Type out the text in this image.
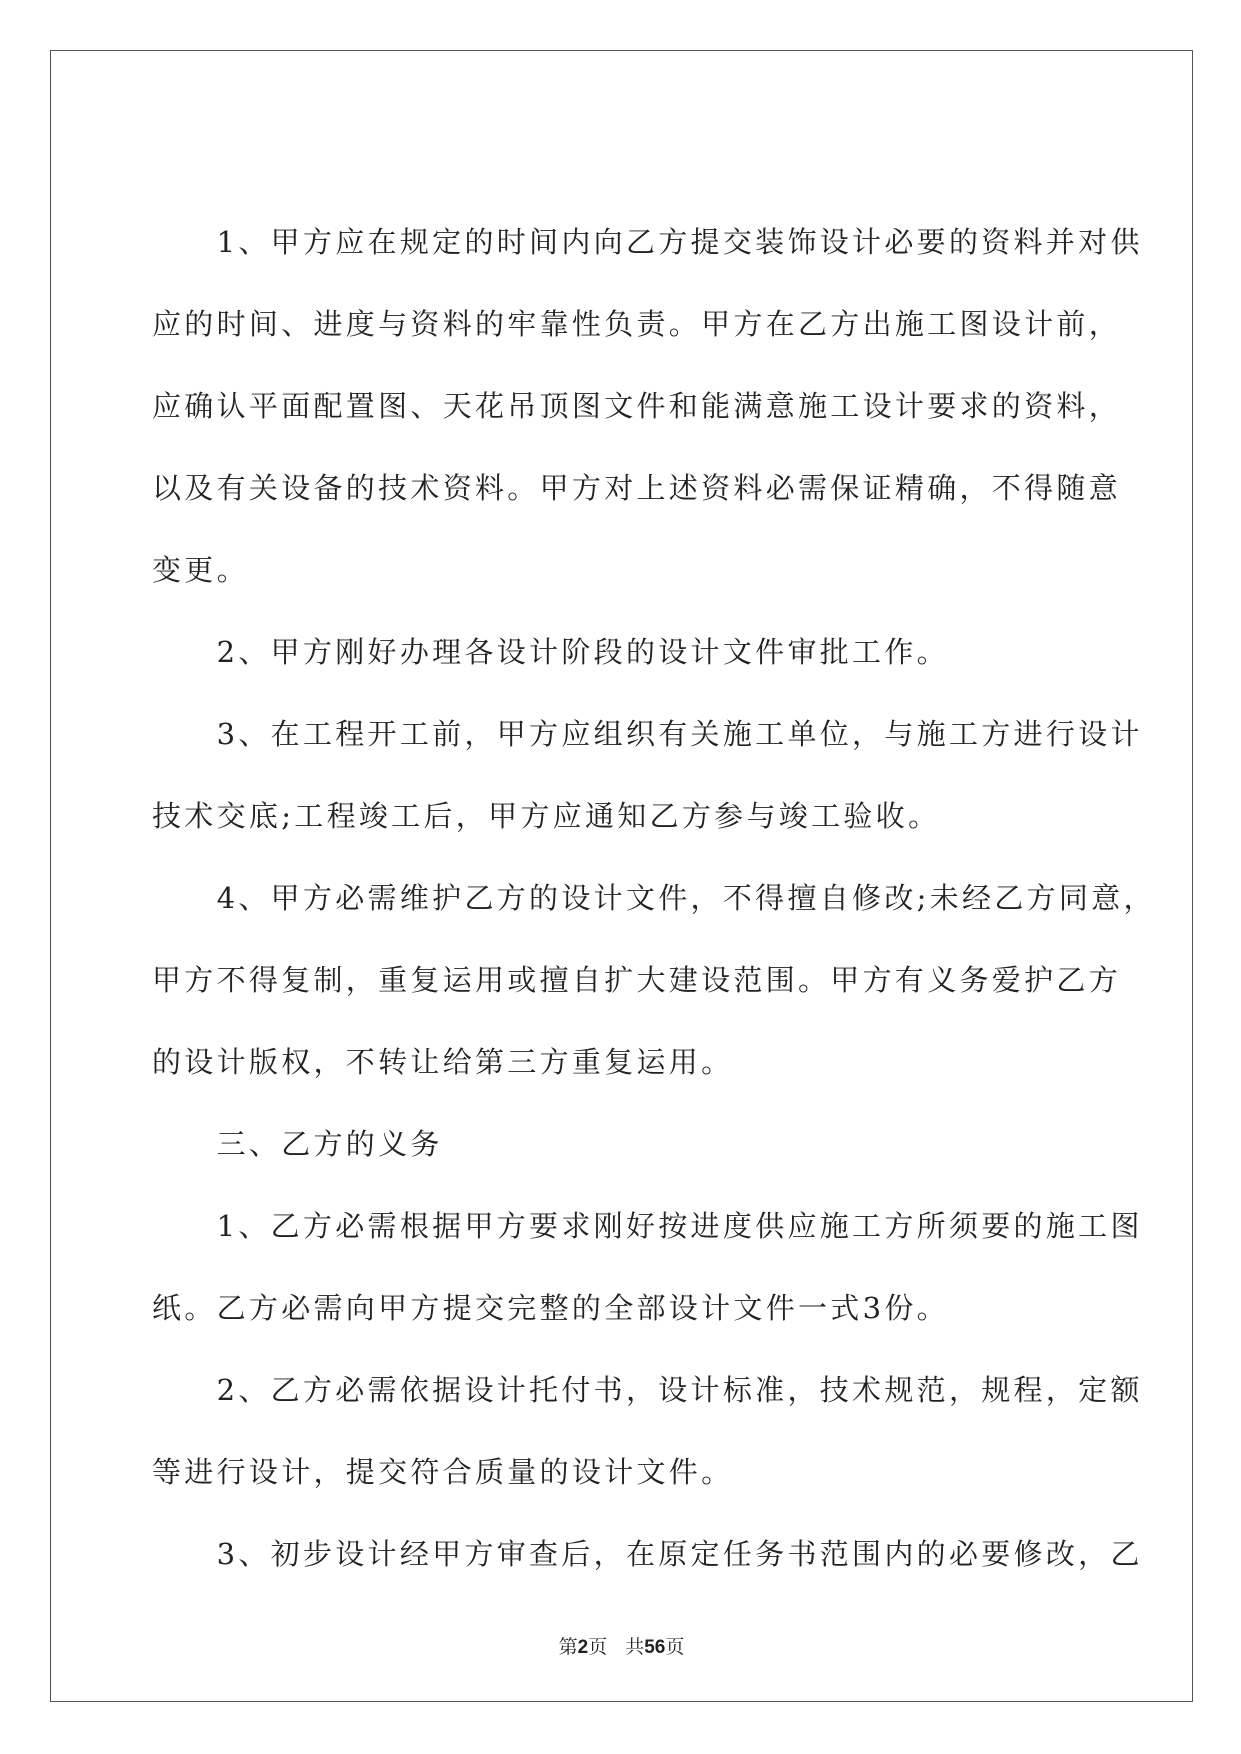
　　1、甲方应在规定的时间内向乙方提交装饰设计必要的资料并对供
应的时间、进度与资料的牢靠性负责。甲方在乙方出施工图设计前，
应确认平面配置图、天花吊顶图文件和能满意施工设计要求的资料，
以及有关设备的技术资料。甲方对上述资料必需保证精确，不得随意
变更。

　　2、甲方刚好办理各设计阶段的设计文件审批工作。

　　3、在工程开工前，甲方应组织有关施工单位，与施工方进行设计
技术交底;工程竣工后，甲方应通知乙方参与竣工验收。

　　4、甲方必需维护乙方的设计文件，不得擅自修改;未经乙方同意，
甲方不得复制，重复运用或擅自扩大建设范围。甲方有义务爱护乙方
的设计版权，不转让给第三方重复运用。

　　三、乙方的义务

　　1、乙方必需根据甲方要求刚好按进度供应施工方所须要的施工图
纸。乙方必需向甲方提交完整的全部设计文件一式3份。

　　2、乙方必需依据设计托付书，设计标准，技术规范，规程，定额
等进行设计，提交符合质量的设计文件。

　　3、初步设计经甲方审查后，在原定任务书范围内的必要修改，乙

第2页 共56页
